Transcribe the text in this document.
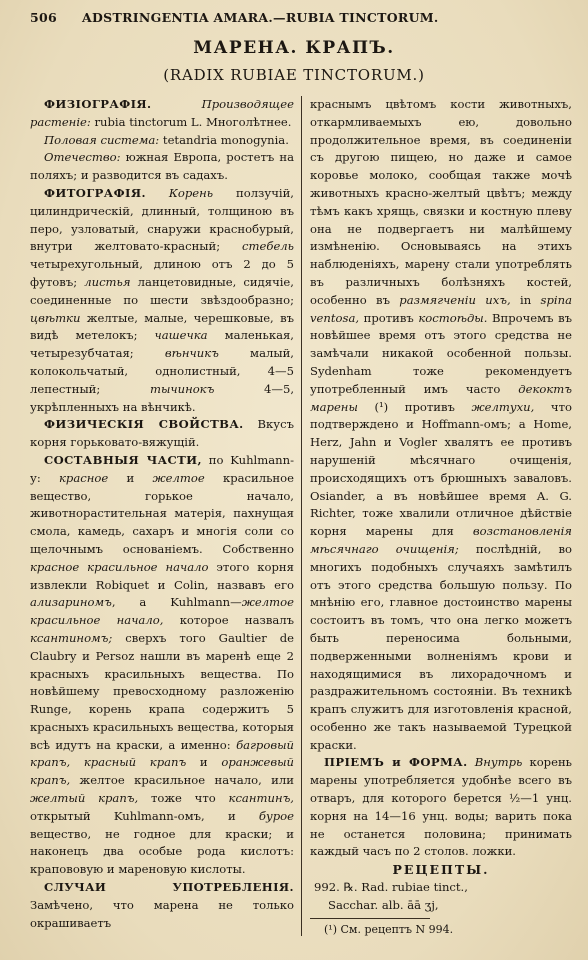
506 ADSTRINGENTIA AMARA.—RUBIA TINCTORUM.
МАРЕНА. КРАПЪ.
(RADIX RUBIAE TINCTORUM.)

ФИЗІОГРАФІЯ.	Производящее растеніе: rubia tinctorum L. Многолѣтнее.

Половая система: tetandria monogynia.

Отечество: южная Европа, ростетъ на поляхъ; и разводится въ садахъ.

ФИТОГРАФІЯ. Корень ползучій, цилиндрическій, длинный, толщиною въ перо, узловатый, снаружи краснобурый, внутри желтовато-красный; стебель четырехугольный, длиною отъ 2 до 5 футовъ; листья ланцетовидные, сидячіе, соединенные по шести звѣздообразно; цвѣтки желтые, малые, черешковые, въ видѣ метелокъ; чашечка маленькая, четырезубчатая; вѣнчикъ малый, колокольчатый, однолистный, 4—5 лепестный; тычинокъ 4—5, укрѣпленныхъ на вѣнчикѣ.

ФИЗИЧЕСКІЯ СВОЙСТВА. Вкусъ корня горьковато-вяжущій.

СОСТАВНЫЯ ЧАСТИ, по Kuhlmann-у: красное и желтое красильное вещество, горькое начало, животнорастительная матерія, пахнущая смола, камедь, сахаръ и многія соли со щелочнымъ основаніемъ. Собственно красное красильное начало этого корня извлекли Robiquet и Colin, назвавъ его ализариномъ, а Kuhlmann—желтое красильное начало, которое назвалъ ксантиномъ; сверхъ того Gaultier de Claubry и Persoz нашли въ маренѣ еще 2 красныхъ красильныхъ вещества. По новѣйшему превосходному разложенію Runge, корень крапа содержитъ 5 красныхъ красильныхъ вещества, которыя всѣ идутъ на краски, а именно: багровый крапъ, красный крапъ и оранжевый крапъ, желтое красильное начало, или желтый крапъ, тоже что ксантинъ, открытый Kuhlmann-омъ, и бурое вещество, не годное для краски; и наконецъ два особые рода кислотъ: крапововую и мареновую кислоты.

СЛУЧАИ УПОТРЕБЛЕНІЯ. Замѣчено, что марена не только окрашиваетъ

краснымъ цвѣтомъ кости животныхъ, откармливаемыхъ ею, довольно продолжительное время, въ соединеніи съ другою пищею, но даже и самое коровье молоко, сообщая также мочѣ животныхъ красно-желтый цвѣтъ; между тѣмъ какъ хрящь, связки и костную плеву она не подвергаетъ ни малѣйшему измѣненію. Основываясь на этихъ наблюденіяхъ, марену стали употреблять въ различныхъ болѣзняхъ костей, особенно въ размягченіи ихъ, in spina ventosa, противъ костоѣды. Впрочемъ въ новѣйшее время отъ этого средства не замѣчали никакой особенной пользы. Sydenham тоже рекомендуетъ употребленный имъ часто декоктъ марены (¹) противъ желтухи, что подтверждено и Hoffmann-омъ; а Home, Herz, Jahn и Vogler хвалятъ ее противъ нарушеній мѣсячнаго очищенія, происходящихъ отъ брюшныхъ заваловъ. Osiander, а въ новѣйшее время A. G. Richter, тоже хвалили отличное дѣйствіе корня марены для возстановленія мѣсячнаго очищенія; послѣдній, во многихъ подобныхъ случаяхъ замѣтилъ отъ этого средства большую пользу. По мнѣнію его, главное достоинство марены состоитъ въ томъ, что она легко можетъ быть переносима больными, подверженными волненіямъ крови и находящимися въ лихорадочномъ и раздражительномъ состояніи. Въ техникѣ крапъ служитъ для изготовленія красной, особенно же такъ называемой Турецкой краски.

ПРІЕМЪ и ФОРМА. Внутрь корень марены употребляется удобнѣе всего въ отваръ, для которого берется ½—1 унц. корня на 14—16 унц. воды; варить пока не останется половина; принимать каждый часъ по 2 столов. ложки.

РЕЦЕПТЫ.

992. ℞. Rad. rubiae tinct.,

Sacchar. alb. āā ʒj,

(¹) См. рецептъ N 994.
